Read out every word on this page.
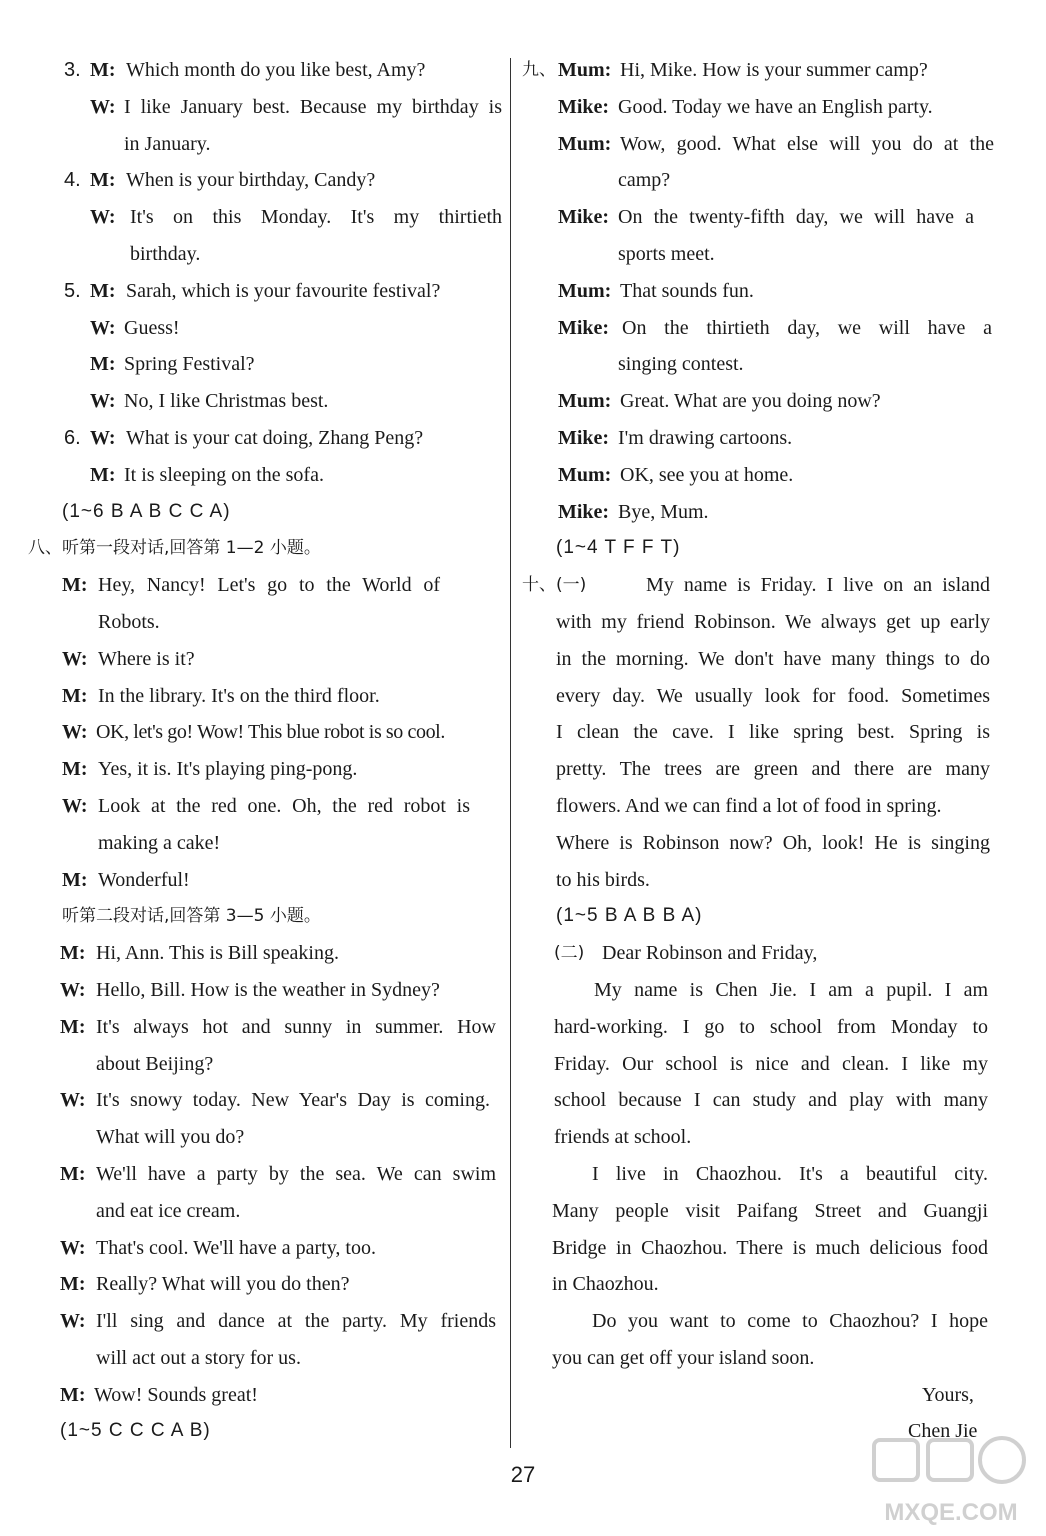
3. M: Which month do you like best, Amy?
W: I like January best. Because my birthday is
in January.
4. M: When is your birthday, Candy?
W: It's on this Monday. It's my thirtieth
birthday.
5. M: Sarah, which is your favourite festival?
W: Guess!
M: Spring Festival?
W: No, I like Christmas best.
6. W: What is your cat doing, Zhang Peng?
M: It is sleeping on the sofa.
(1~6 B A B C C A)
八、听第一段对话,回答第 1—2 小题。
M: Hey, Nancy! Let's go to the World of
Robots.
W: Where is it?
M: In the library. It's on the third floor.
W: OK, let's go! Wow! This blue robot is so cool.
M: Yes, it is. It's playing ping-pong.
W: Look at the red one. Oh, the red robot is
making a cake!
M: Wonderful!
听第二段对话,回答第 3—5 小题。
M: Hi, Ann. This is Bill speaking.
W: Hello, Bill. How is the weather in Sydney?
M: It's always hot and sunny in summer. How
about Beijing?
W: It's snowy today. New Year's Day is coming.
What will you do?
M: We'll have a party by the sea. We can swim
and eat ice cream.
W: That's cool. We'll have a party, too.
M: Really? What will you do then?
W: I'll sing and dance at the party. My friends
will act out a story for us.
M: Wow! Sounds great!
(1~5 C C C A B)
九、 Mum: Hi, Mike. How is your summer camp?
Mike: Good. Today we have an English party.
Mum: Wow, good. What else will you do at the
camp?
Mike: On the twenty-fifth day, we will have a
sports meet.
Mum: That sounds fun.
Mike: On the thirtieth day, we will have a
singing contest.
Mum: Great. What are you doing now?
Mike: I'm drawing cartoons.
Mum: OK, see you at home.
Mike: Bye, Mum.
(1~4 T F F T)
十、(一)	My name is Friday. I live on an island
with my friend Robinson. We always get up early
in the morning. We don't have many things to do
every day. We usually look for food. Sometimes
I clean the cave. I like spring best. Spring is
pretty. The trees are green and there are many
flowers. And we can find a lot of food in spring.
Where is Robinson now? Oh, look! He is singing
to his birds.
(1~5 B A B B A)
(二) Dear Robinson and Friday,
My name is Chen Jie. I am a pupil. I am
hard-working. I go to school from Monday to
Friday. Our school is nice and clean. I like my
school because I can study and play with many
friends at school.
I live in Chaozhou. It's a beautiful city.
Many people visit Paifang Street and Guangji
Bridge in Chaozhou. There is much delicious food
in Chaozhou.
Do you want to come to Chaozhou? I hope
you can get off your island soon.
Yours,
Chen Jie
27
MXQE.COM
